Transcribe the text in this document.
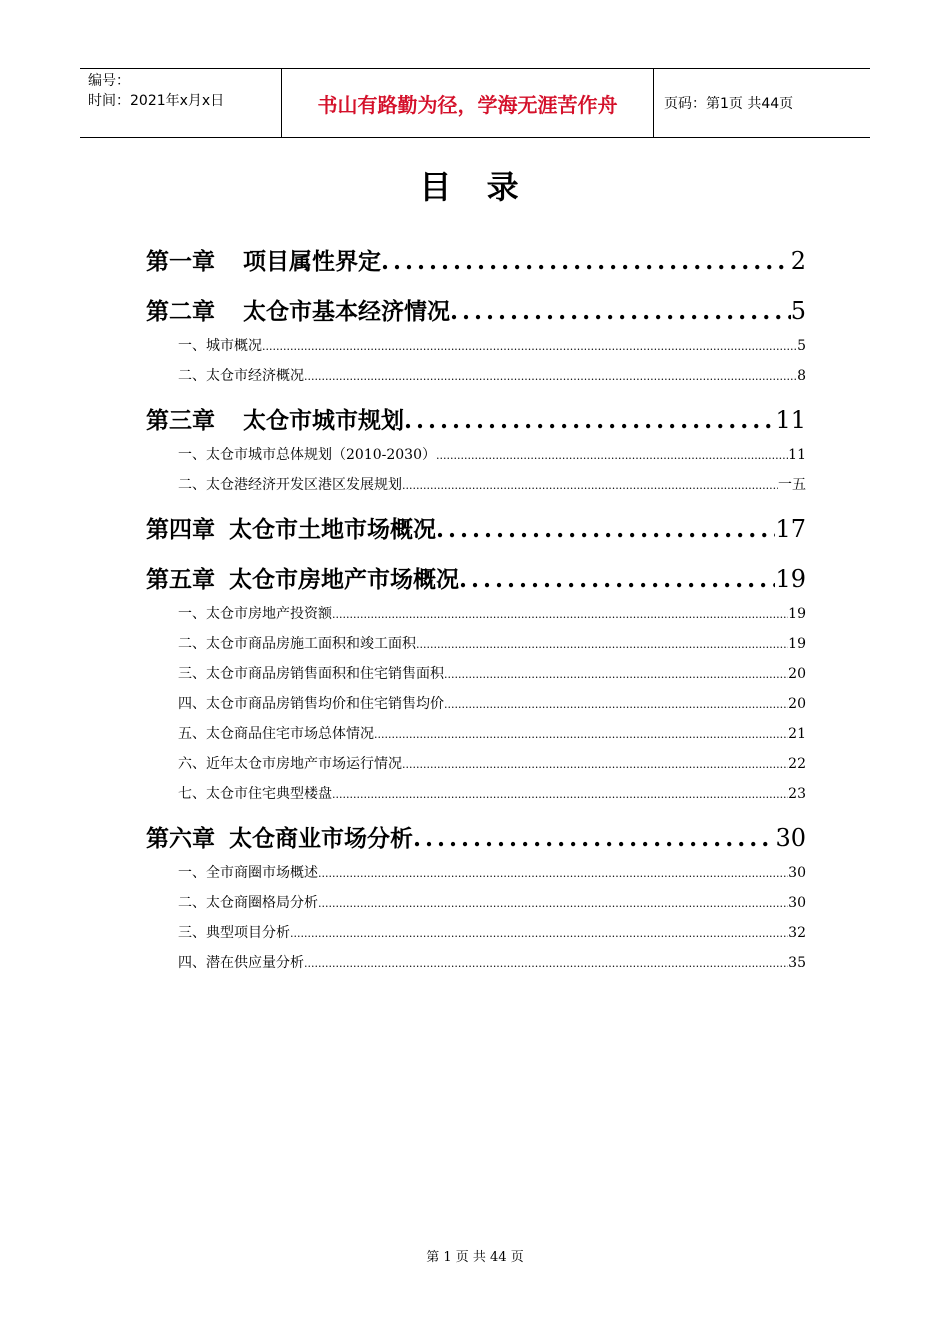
编号：
时间：2021年x月x日	书山有路勤为径，学海无涯苦作舟	页码：第1页 共44页
目 录
第一章 项目属性界定 .....	2
第二章 太仓市基本经济情况 .....	5
一、城市概况 .....	5
二、太仓市经济概况 .....	8
第三章 太仓市城市规划 .....	11
一、太仓市城市总体规划（2010-2030） .....	11
二、太仓港经济开发区港区发展规划 .....	一五
第四章 太仓市土地市场概况 .....	17
第五章 太仓市房地产市场概况 .....	19
一、太仓市房地产投资额 .....	19
二、太仓市商品房施工面积和竣工面积 .....	19
三、太仓市商品房销售面积和住宅销售面积 .....	20
四、太仓市商品房销售均价和住宅销售均价 .....	20
五、太仓商品住宅市场总体情况 .....	21
六、近年太仓市房地产市场运行情况 .....	22
七、太仓市住宅典型楼盘 .....	23
第六章 太仓商业市场分析 .....	30
一、全市商圈市场概述 .....	30
二、太仓商圈格局分析 .....	30
三、典型项目分析 .....	32
四、潜在供应量分析 .....	35
第 1 页 共 44 页
